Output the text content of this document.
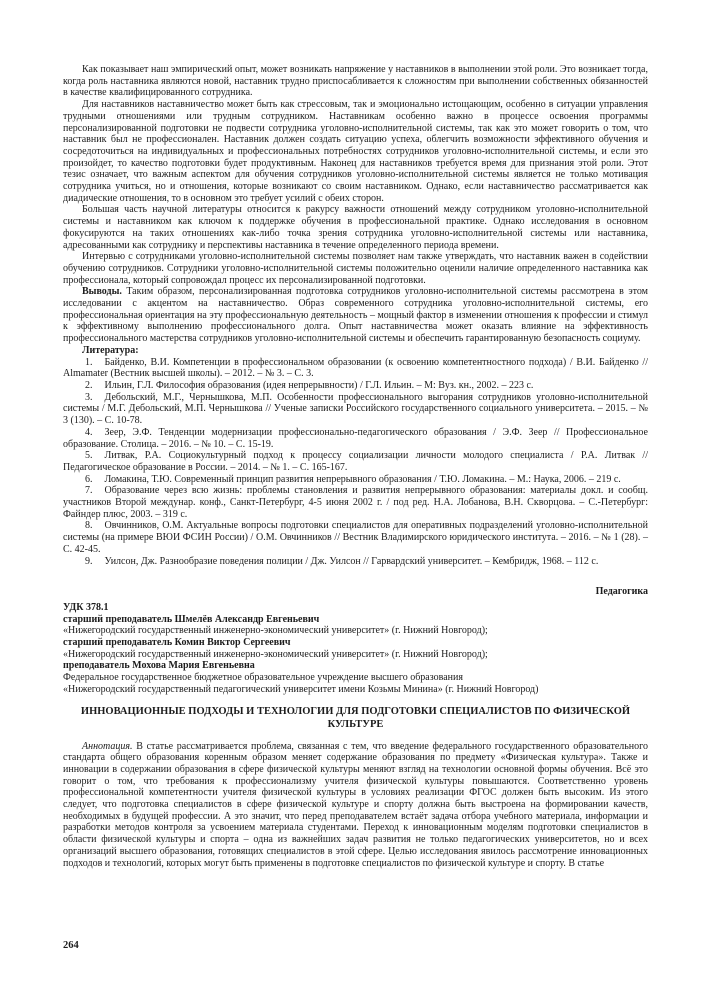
Как показывает наш эмпирический опыт, может возникать напряжение у наставников в выполнении этой роли. Это возникает тогда, когда роль наставника являются новой, наставник трудно приспосабливается к сложностям при выполнении собственных обязанностей в качестве квалифицированного сотрудника.

Для наставников наставничество может быть как стрессовым, так и эмоционально истощающим, особенно в ситуации управления трудными отношениями или трудным сотрудником. Наставникам особенно важно в процессе освоения программы персонализированной подготовки не подвести сотрудника уголовно-исполнительной системы, так как это может говорить о том, что наставник был не профессионален. Наставник должен создать ситуацию успеха, облегчить возможности эффективного обучения и сосредоточиться на индивидуальных и профессиональных потребностях сотрудников уголовно-исполнительной системы, и если это произойдет, то качество подготовки будет продуктивным. Наконец для наставников требуется время для признания этой роли. Этот тезис означает, что важным аспектом для обучения сотрудников уголовно-исполнительной системы является не только мотивация сотрудника учиться, но и отношения, которые возникают со своим наставником. Однако, если наставничество рассматривается как диадические отношения, то в основном это требует усилий с обеих сторон.

Большая часть научной литературы относится к ракурсу важности отношений между сотрудником уголовно-исполнительной системы и наставником как ключом к поддержке обучения в профессиональной практике. Однако исследования в основном фокусируются на таких отношениях как-либо точка зрения сотрудника уголовно-исполнительной системы или наставника, адресованными как сотруднику и перспективы наставника в течение определенного периода времени.

Интервью с сотрудниками уголовно-исполнительной системы позволяет нам также утверждать, что наставник важен в содействии обучению сотрудников. Сотрудники уголовно-исполнительной системы положительно оценили наличие определенного наставника как профессионала, который сопровождал процесс их персонализированной подготовки.

Выводы. Таким образом, персонализированная подготовка сотрудников уголовно-исполнительной системы рассмотрена в этом исследовании с акцентом на наставничество. Образ современного сотрудника уголовно-исполнительной системы, его профессиональная ориентация на эту профессиональную деятельность – мощный фактор в изменении отношения к профессии и стимул к эффективному выполнению профессионального долга. Опыт наставничества может оказать влияние на эффективность профессионального мастерства сотрудников уголовно-исполнительной системы и обеспечить гарантированную безопасность социуму.

Литература:

1. Байденко, В.И. Компетенции в профессиональном образовании (к освоению компетентностного подхода) / В.И. Байденко // Almamater (Вестник высшей школы). – 2012. – № 3. – С. 3.

2. Ильин, Г.Л. Философия образования (идея непрерывности) / Г.Л. Ильин. – М: Вуз. кн., 2002. – 223 с.

3. Дебольский, М.Г., Чернышкова, М.П. Особенности профессионального выгорания сотрудников уголовно-исполнительной системы / М.Г. Дебольский, М.П. Чернышкова // Ученые записки Российского государственного социального университета. – 2015. – № 3 (130). – С. 10-78.

4. Зеер, Э.Ф. Тенденции модернизации профессионально-педагогического образования / Э.Ф. Зеер // Профессиональное образование. Столица. – 2016. – № 10. – С. 15-19.

5. Литвак, Р.А. Социокультурный подход к процессу социализации личности молодого специалиста / Р.А. Литвак // Педагогическое образование в России. – 2014. – № 1. – С. 165-167.

6. Ломакина, Т.Ю. Современный принцип развития непрерывного образования / Т.Ю. Ломакина. – М.: Наука, 2006. – 219 с.

7. Образование через всю жизнь: проблемы становления и развития непрерывного образования: материалы докл. и сообщ. участников Второй междунар. конф., Санкт-Петербург, 4-5 июня 2002 г. / под ред. Н.А. Лобанова, В.Н. Скворцова. – С.-Петербург: Файндер плюс, 2003. – 319 с.

8. Овчинников, О.М. Актуальные вопросы подготовки специалистов для оперативных подразделений уголовно-исполнительной системы (на примере ВЮИ ФСИН России) / О.М. Овчинников // Вестник Владимирского юридического института. – 2016. – № 1 (28). – С. 42-45.

9. Уилсон, Дж. Разнообразие поведения полиции / Дж. Уилсон // Гарвардский университет. – Кембридж, 1968. – 112 с.

Педагогика

УДК 378.1

старший преподаватель Шмелёв Александр Евгеньевич

«Нижегородский государственный инженерно-экономический университет» (г. Нижний Новгород);

старший преподаватель Комин Виктор Сергеевич

«Нижегородский государственный инженерно-экономический университет» (г. Нижний Новгород);

преподаватель Мохова Мария Евгеньевна

Федеральное государственное бюджетное образовательное учреждение высшего образования

«Нижегородский государственный педагогический университет имени Козьмы Минина» (г. Нижний Новгород)

ИННОВАЦИОННЫЕ ПОДХОДЫ И ТЕХНОЛОГИИ ДЛЯ ПОДГОТОВКИ СПЕЦИАЛИСТОВ ПО ФИЗИЧЕСКОЙ КУЛЬТУРЕ

Аннотация. В статье рассматривается проблема, связанная с тем, что введение федерального государственного образовательного стандарта общего образования коренным образом меняет содержание образования по предмету «Физическая культура». Также и инновации в содержании образования в сфере физической культуры меняют взгляд на технологии основной формы обучения. Всё это говорит о том, что требования к профессионализму учителя физической культуры повышаются. Соответственно уровень профессиональной компетентности учителя физической культуры в условиях реализации ФГОС должен быть высоким. Из этого следует, что подготовка специалистов в сфере физической культуре и спорту должна быть выстроена на формировании качеств, необходимых в будущей профессии. А это значит, что перед преподавателем встаёт задача отбора учебного материала, информации и разработки методов контроля за усвоением материала студентами. Переход к инновационным моделям подготовки специалистов в области физической культуры и спорта – одна из важнейших задач развития не только педагогических университетов, но и всех организаций высшего образования, готовящих специалистов в этой сфере. Целью исследования явилось рассмотрение инновационных подходов и технологий, которых могут быть применены в подготовке специалистов по физической культуре и спорту. В статье

264
